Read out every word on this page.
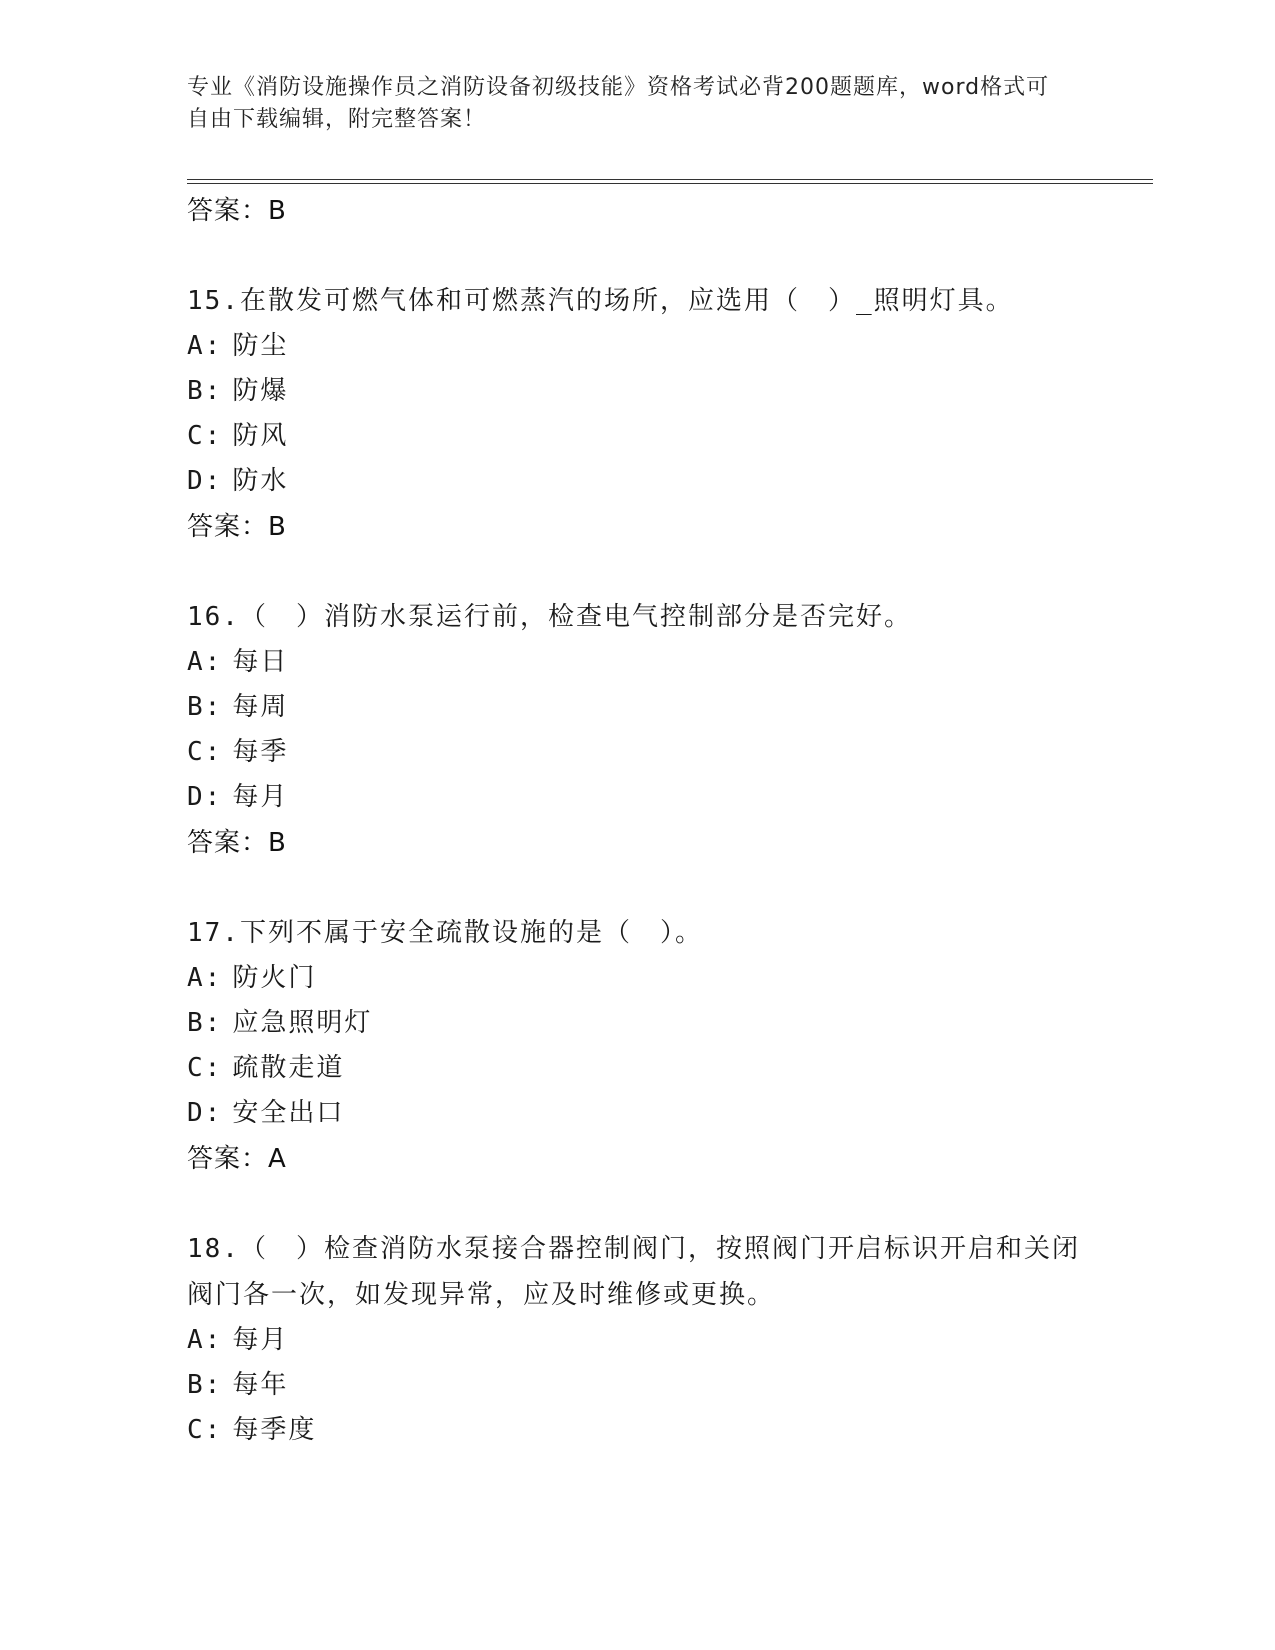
专业《消防设施操作员之消防设备初级技能》资格考试必背200题题库，word格式可自由下载编辑，附完整答案！
答案：B
15.在散发可燃气体和可燃蒸汽的场所，应选用（　）_照明灯具。
A: 防尘
B: 防爆
C: 防风
D: 防水
答案：B
16.（　）消防水泵运行前，检查电气控制部分是否完好。
A: 每日
B: 每周
C: 每季
D: 每月
答案：B
17.下列不属于安全疏散设施的是（　）。
A: 防火门
B: 应急照明灯
C: 疏散走道
D: 安全出口
答案：A
18.（　）检查消防水泵接合器控制阀门，按照阀门开启标识开启和关闭阀门各一次，如发现异常，应及时维修或更换。
A: 每月
B: 每年
C: 每季度
